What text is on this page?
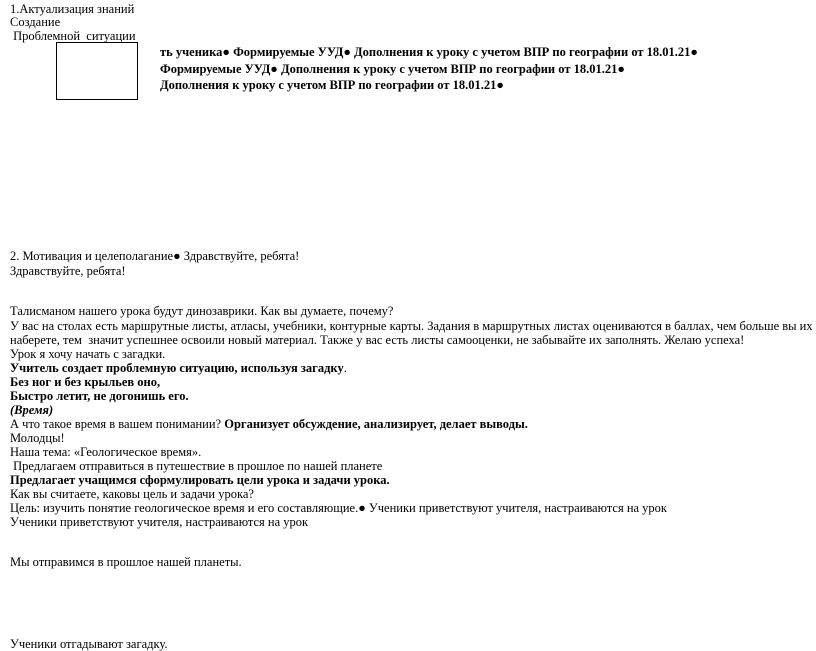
1.Актуализация знаний
Создание
Проблемной  ситуации
ть ученика● Формируемые УУД● Дополнения к уроку с учетом ВПР по географии от 18.01.21●
Формируемые УУД● Дополнения к уроку с учетом ВПР по географии от 18.01.21●
Дополнения к уроку с учетом ВПР по географии от 18.01.21●
2. Мотивация и целеполагание● Здравствуйте, ребята!
Здравствуйте, ребята!
Талисманом нашего урока будут динозаврики. Как вы думаете, почему?
У вас на столах есть маршрутные листы, атласы, учебники, контурные карты. Задания в маршрутных листах оцениваются в баллах, чем больше вы их
наберете, тем  значит успешнее освоили новый материал. Также у вас есть листы самооценки, не забывайте их заполнять. Желаю успеха!
Урок я хочу начать с загадки.
Учитель создает проблемную ситуацию, используя загадку.
Без ног и без крыльев оно,
Быстро летит, не догонишь его.
(Время)
А что такое время в вашем понимании? Организует обсуждение, анализирует, делает выводы.
Молодцы!
Наша тема: «Геологическое время».
Предлагаем отправиться в путешествие в прошлое по нашей планете
Предлагает учащимся сформулировать цели урока и задачи урока.
Как вы считаете, каковы цель и задачи урока?
Цель: изучить понятие геологическое время и его составляющие.● Ученики приветствуют учителя, настраиваются на урок
Ученики приветствуют учителя, настраиваются на урок
Мы отправимся в прошлое нашей планеты.
Ученики отгадывают загадку.
